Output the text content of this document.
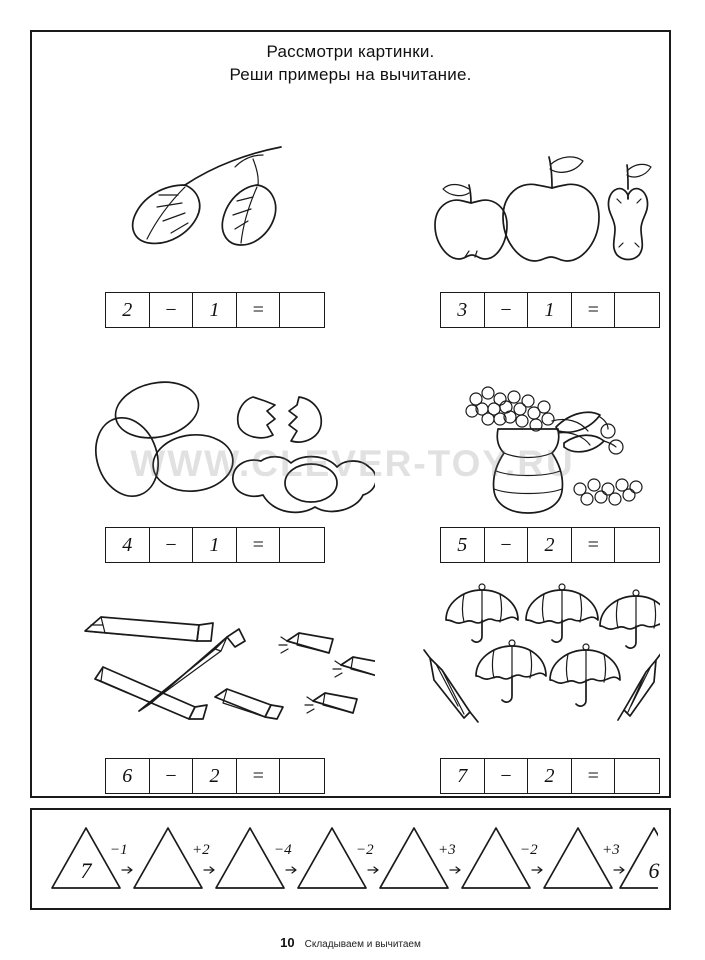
Рассмотри картинки.
Реши примеры на вычитание.
2	−	1	=	3	−	1	=
4	−	1	=	5	−	2	=
6	−	2	=	7	−	2	=
7	6
−1	+2	−4	−2	+3	−2	+3
10 Складываем и вычитаем
WWW.CLEVER-TOY.RU
